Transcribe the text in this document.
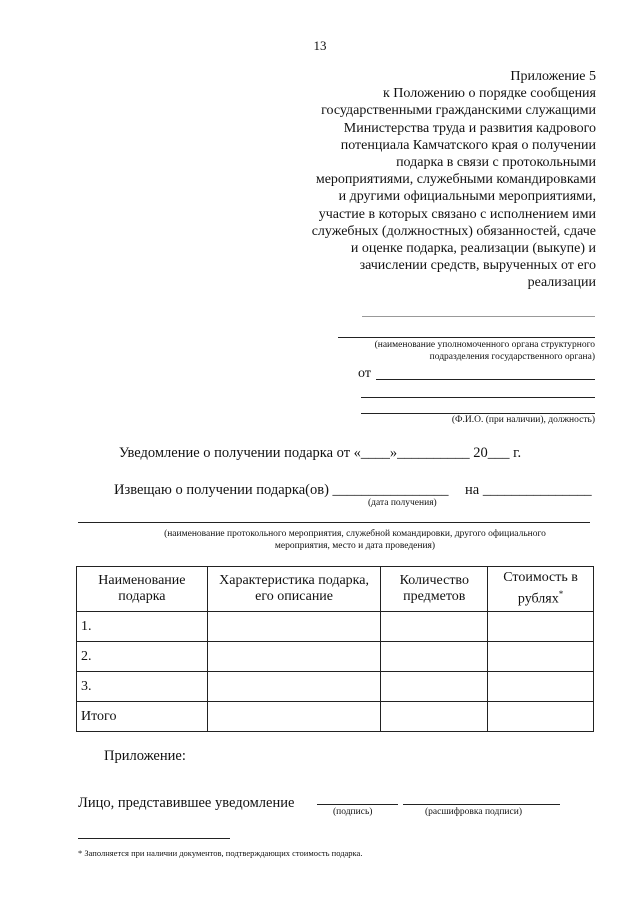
13
Приложение 5
к Положению о порядке сообщения
государственными гражданскими служащими
Министерства труда и развития кадрового
потенциала Камчатского края о получении
подарка в связи с протокольными
мероприятиями, служебными командировками
и другими официальными мероприятиями,
участие в которых связано с исполнением ими
служебных (должностных) обязанностей, сдаче
и оценке подарка, реализации (выкупе) и
зачислении средств, вырученных от его
реализации
(наименование уполномоченного органа структурного
подразделения государственного органа)
от
(Ф.И.О. (при наличии), должность)
Уведомление о получении подарка от «____»__________ 20___ г.
Извещаю о получении подарка(ов) ________________ на _______________
(дата получения)
(наименование протокольного мероприятия, служебной командировки, другого официального
мероприятия, место и дата проведения)
Наименование подарка	Характеристика подарка, его описание	Количество предметов	Стоимость в рублях*
1.			
2.			
3.			
Итого			
Приложение:
Лицо, представившее уведомление
(подпись)	(расшифровка подписи)
* Заполняется при наличии документов, подтверждающих стоимость подарка.
